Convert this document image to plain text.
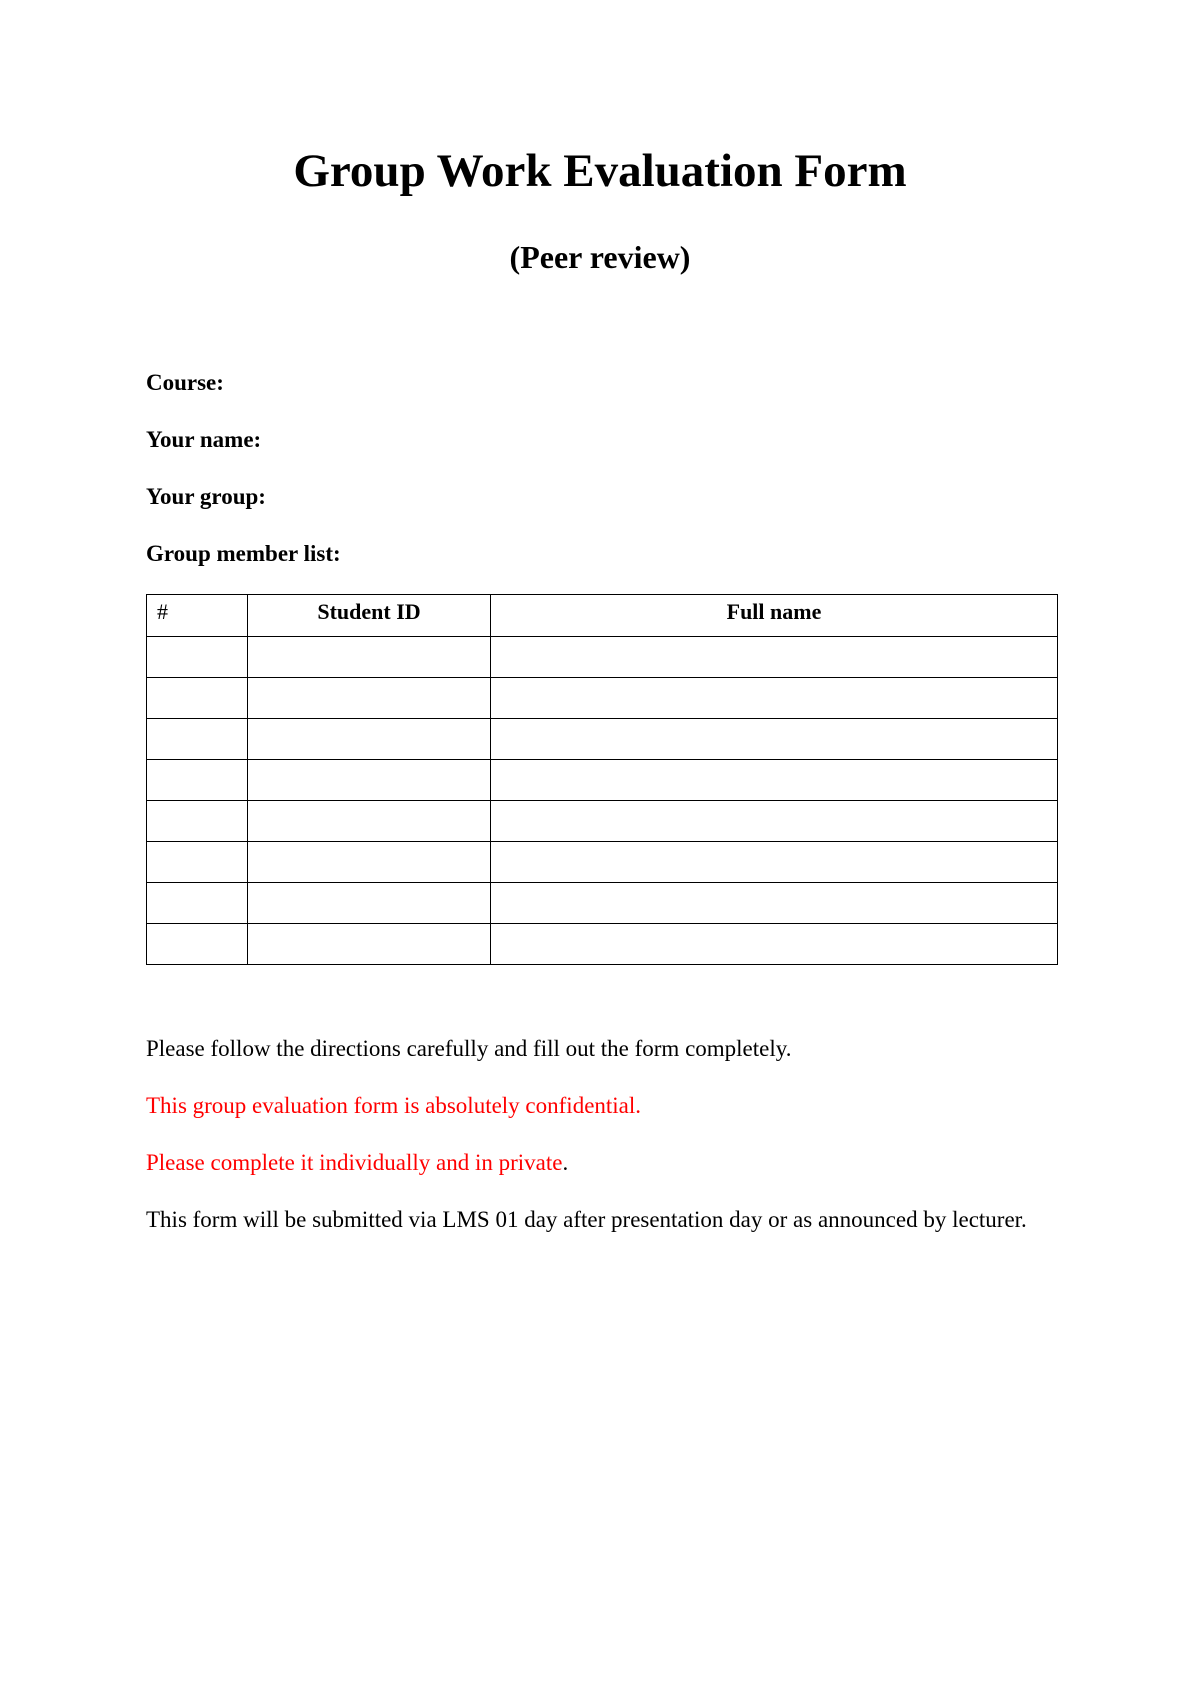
Group Work Evaluation Form
(Peer review)
Course:
Your name:
Your group:
Group member list:
#	Student ID	Full name

Please follow the directions carefully and fill out the form completely.

This group evaluation form is absolutely confidential.

Please complete it individually and in private.

This form will be submitted via LMS 01 day after presentation day or as announced by lecturer.
